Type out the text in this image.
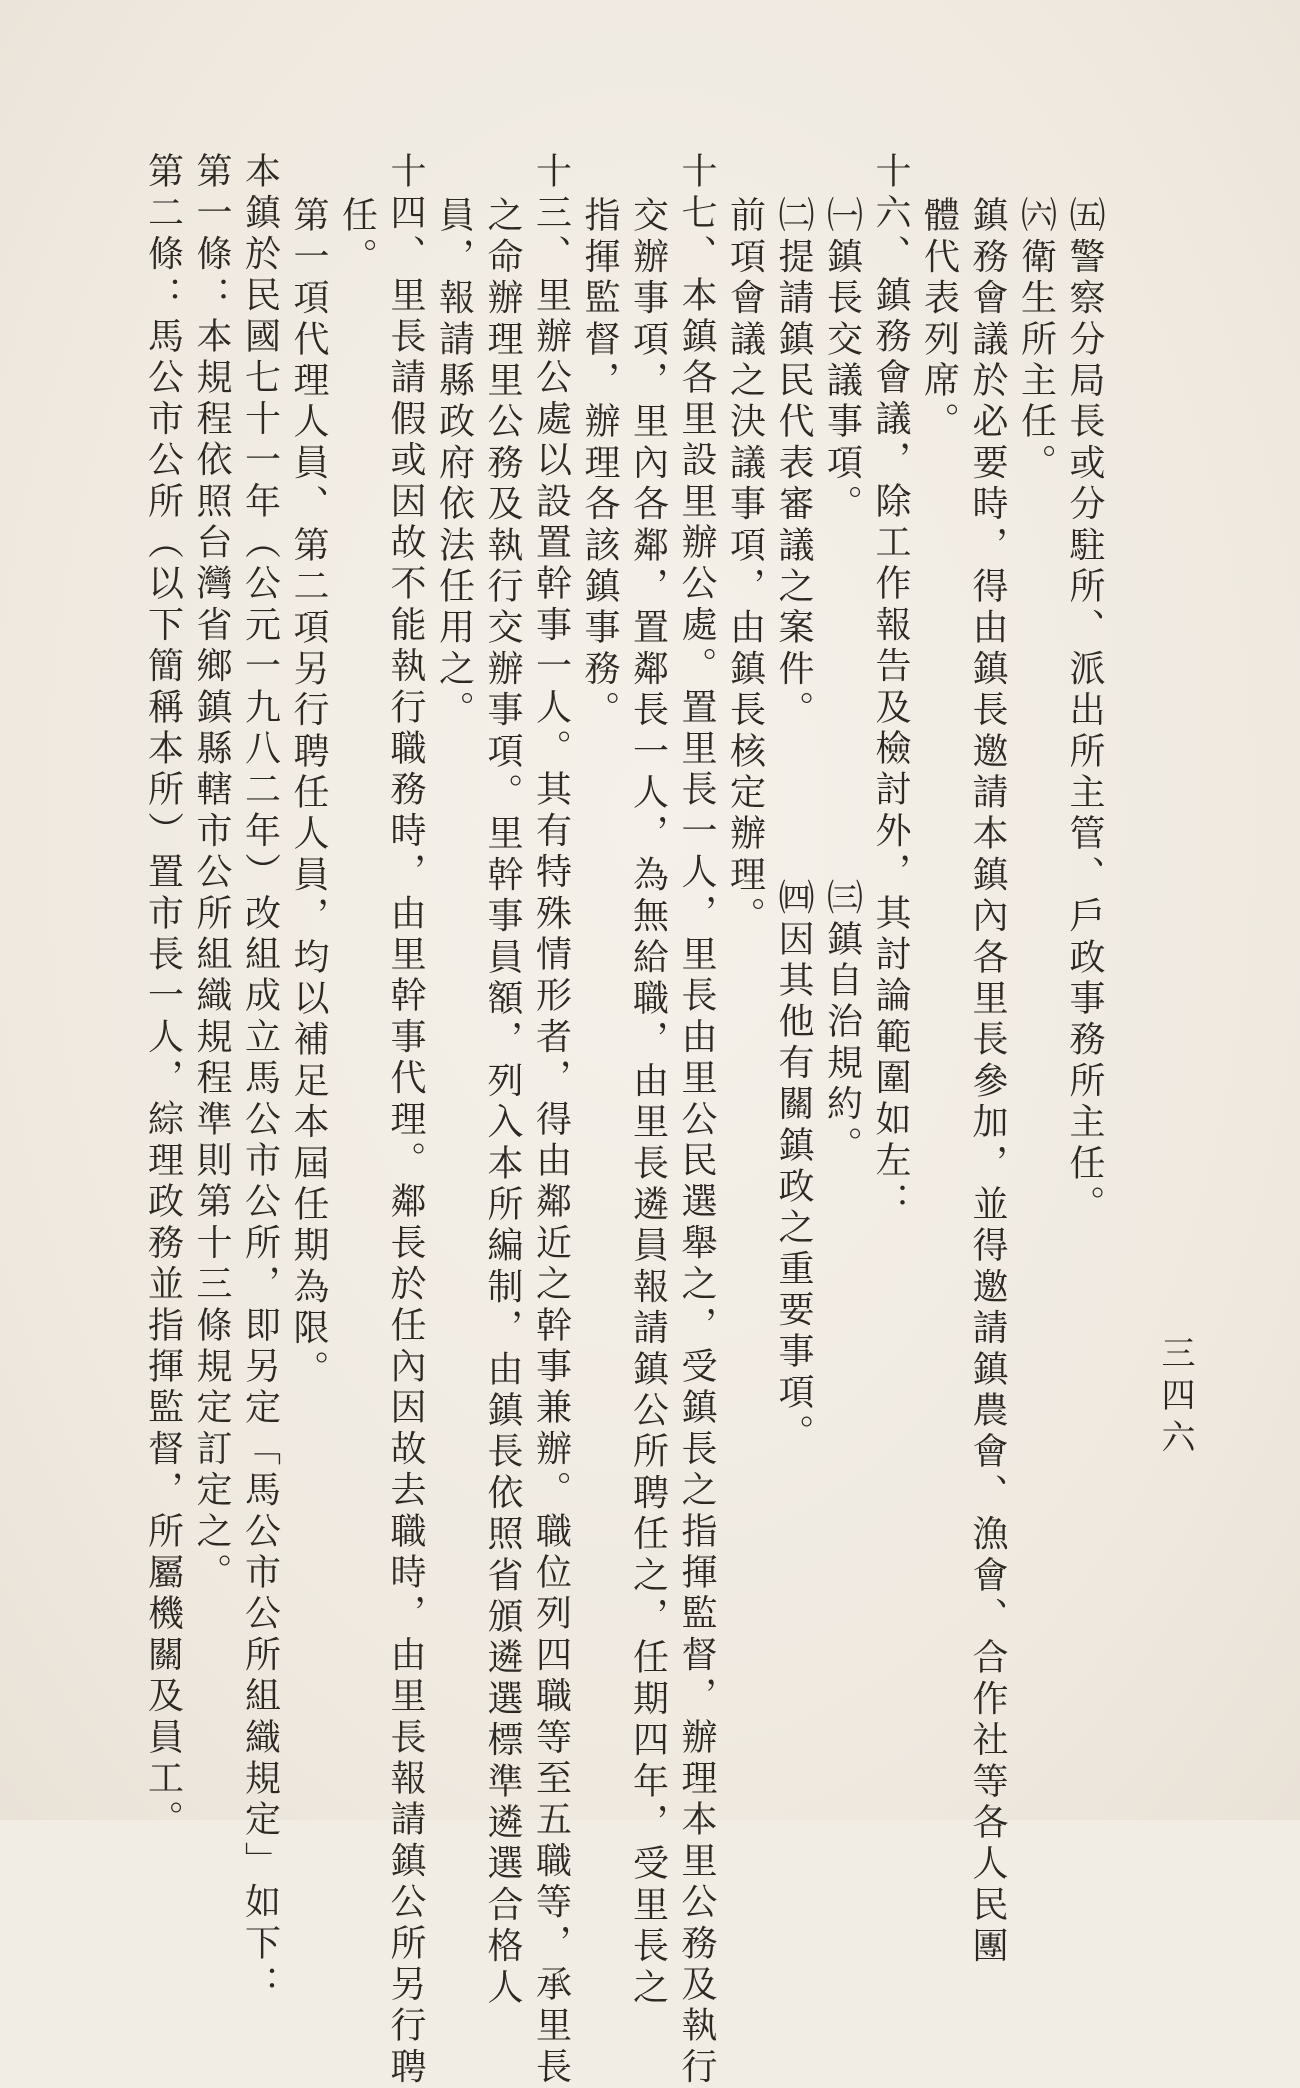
㈤警察分局長或分駐所、派出所主管、戶政事務所主任。
㈥衛生所主任。
鎮務會議於必要時，得由鎮長邀請本鎮內各里長參加，並得邀請鎮農會、漁會、合作社等各人民團
體代表列席。
十六、鎮務會議，除工作報告及檢討外，其討論範圍如左：
㈠鎮長交議事項。　　　　　　　　　㈢鎮自治規約。
㈡提請鎮民代表審議之案件。　　　　㈣因其他有關鎮政之重要事項。
前項會議之決議事項，由鎮長核定辦理。
十七、本鎮各里設里辦公處。置里長一人，里長由里公民選舉之，受鎮長之指揮監督，辦理本里公務及執行
交辦事項，里內各鄰，置鄰長一人，為無給職，由里長遴員報請鎮公所聘任之，任期四年，受里長之
指揮監督，辦理各該鎮事務。
十三、里辦公處以設置幹事一人。其有特殊情形者，得由鄰近之幹事兼辦。職位列四職等至五職等，承里長
之命辦理里公務及執行交辦事項。里幹事員額，列入本所編制，由鎮長依照省頒遴選標準遴選合格人
員，報請縣政府依法任用之。
十四、里長請假或因故不能執行職務時，由里幹事代理。鄰長於任內因故去職時，由里長報請鎮公所另行聘
任。
第一項代理人員、第二項另行聘任人員，均以補足本屆任期為限。
本鎮於民國七十一年（公元一九八二年）改組成立馬公市公所，即另定「馬公市公所組織規定」如下：
第一條：本規程依照台灣省鄉鎮縣轄市公所組織規程準則第十三條規定訂定之。
第二條：馬公市公所（以下簡稱本所）置市長一人，綜理政務並指揮監督，所屬機關及員工。	三四六
